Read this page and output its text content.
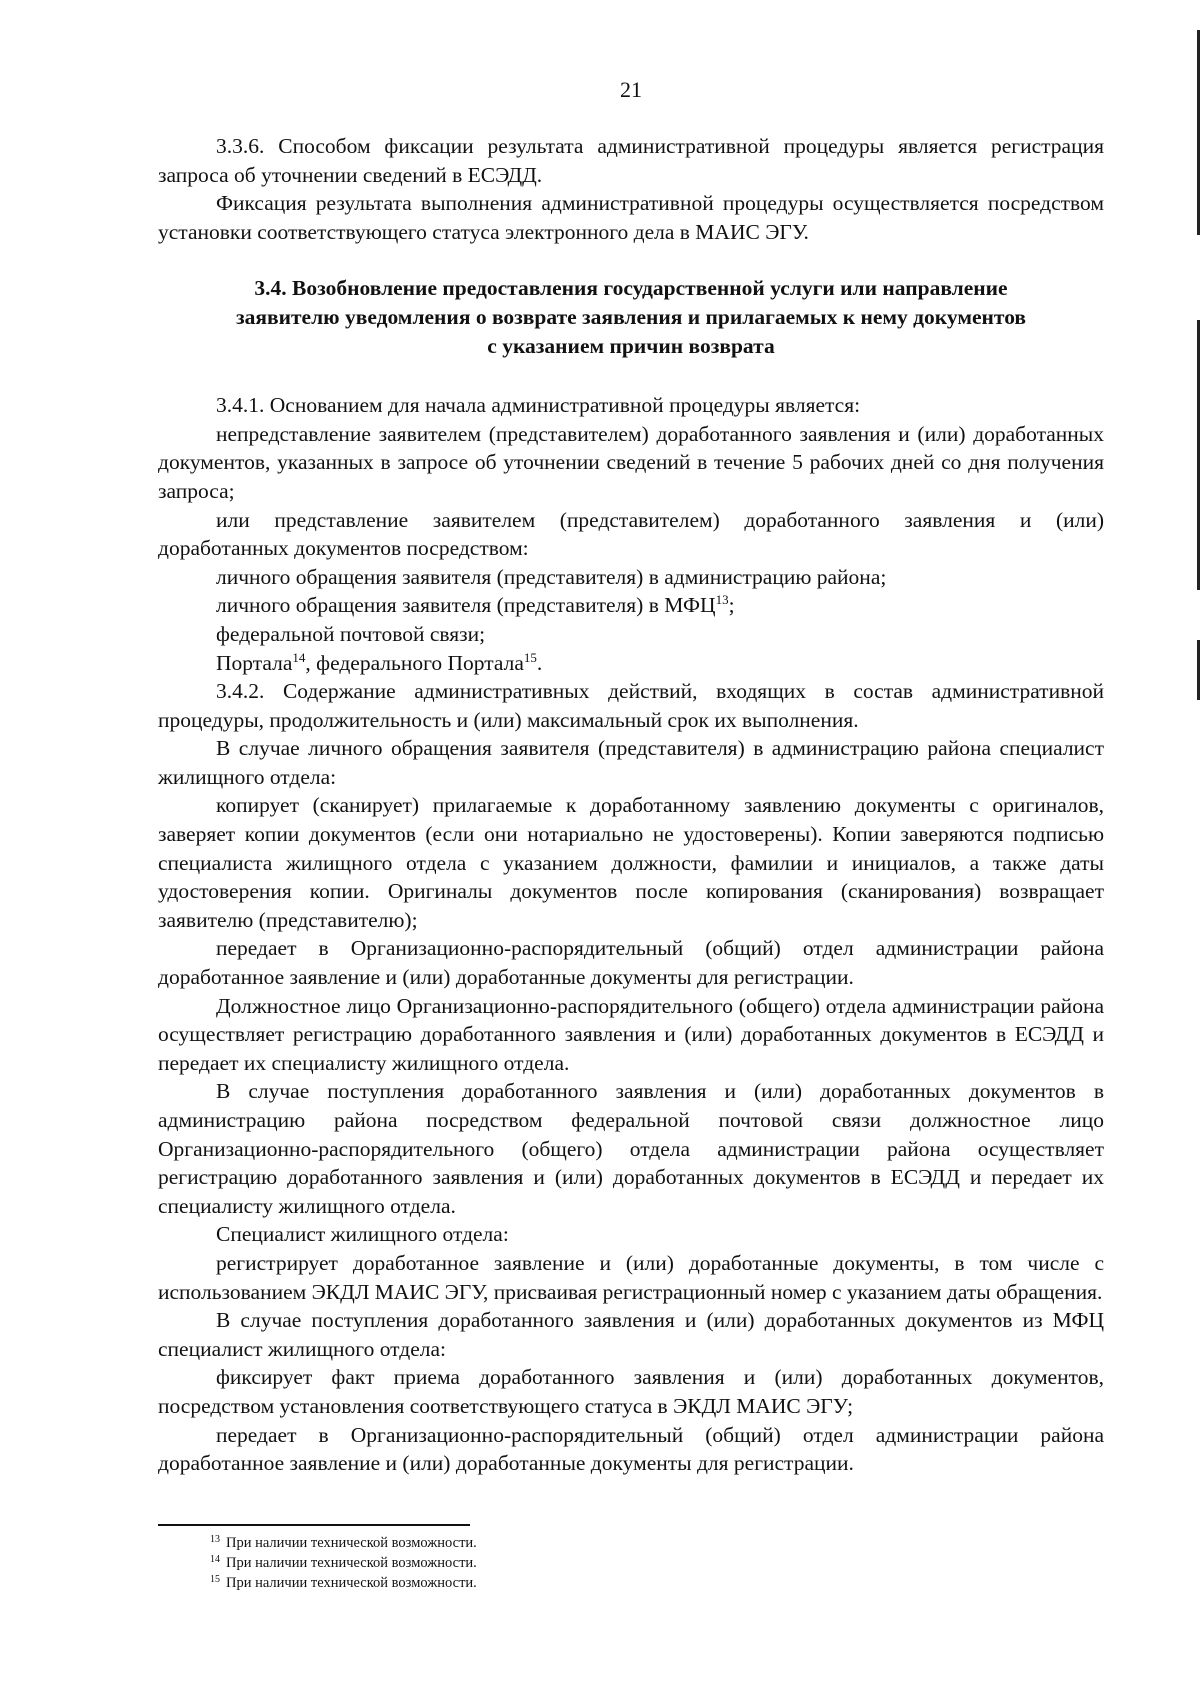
21

3.3.6. Способом фиксации результата административной процедуры является регистрация запроса об уточнении сведений в ЕСЭДД.

Фиксация результата выполнения административной процедуры осуществляется посредством установки соответствующего статуса электронного дела в МАИС ЭГУ.

3.4. Возобновление предоставления государственной услуги или направление
заявителю уведомления о возврате заявления и прилагаемых к нему документов
с указанием причин возврата

3.4.1. Основанием для начала административной процедуры является:

непредставление заявителем (представителем) доработанного заявления и (или) доработанных документов, указанных в запросе об уточнении сведений в течение 5 рабочих дней со дня получения запроса;

или представление заявителем (представителем) доработанного заявления и (или) доработанных документов посредством:

личного обращения заявителя (представителя) в администрацию района;

личного обращения заявителя (представителя) в МФЦ$^{13}$;

федеральной почтовой связи;

Портала$^{14}$, федерального Портала$^{15}$.

3.4.2. Содержание административных действий, входящих в состав административной процедуры, продолжительность и (или) максимальный срок их выполнения.

В случае личного обращения заявителя (представителя) в администрацию района специалист жилищного отдела:

копирует (сканирует) прилагаемые к доработанному заявлению документы с оригиналов, заверяет копии документов (если они нотариально не удостоверены). Копии заверяются подписью специалиста жилищного отдела с указанием должности, фамилии и инициалов, а также даты удостоверения копии. Оригиналы документов после копирования (сканирования) возвращает заявителю (представителю);

передает в Организационно-распорядительный (общий) отдел администрации района доработанное заявление и (или) доработанные документы для регистрации.

Должностное лицо Организационно-распорядительного (общего) отдела администрации района осуществляет регистрацию доработанного заявления и (или) доработанных документов в ЕСЭДД и передает их специалисту жилищного отдела.

В случае поступления доработанного заявления и (или) доработанных документов в администрацию района посредством федеральной почтовой связи должностное лицо Организационно-распорядительного (общего) отдела администрации района осуществляет регистрацию доработанного заявления и (или) доработанных документов в ЕСЭДД и передает их специалисту жилищного отдела.

Специалист жилищного отдела:

регистрирует доработанное заявление и (или) доработанные документы, в том числе с использованием ЭКДЛ МАИС ЭГУ, присваивая регистрационный номер с указанием даты обращения.

В случае поступления доработанного заявления и (или) доработанных документов из МФЦ специалист жилищного отдела:

фиксирует факт приема доработанного заявления и (или) доработанных документов, посредством установления соответствующего статуса в ЭКДЛ МАИС ЭГУ;

передает в Организационно-распорядительный (общий) отдел администрации района доработанное заявление и (или) доработанные документы для регистрации.

$^{13}$ При наличии технической возможности.
$^{14}$ При наличии технической возможности.
$^{15}$ При наличии технической возможности.
